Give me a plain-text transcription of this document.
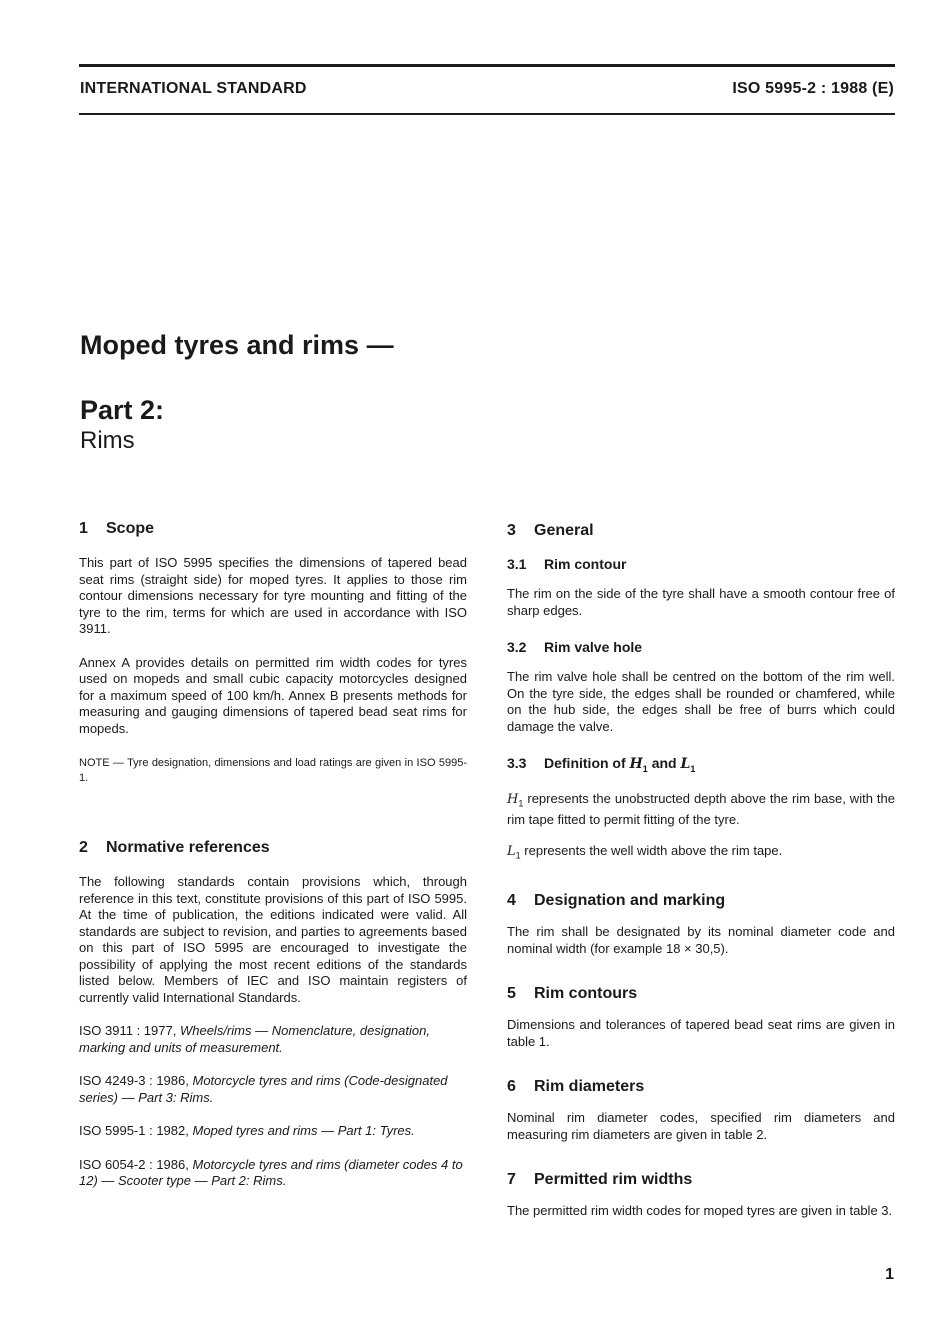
INTERNATIONAL STANDARD	ISO 5995-2 : 1988 (E)
Moped tyres and rims —
Part 2:
Rims
1 Scope

This part of ISO 5995 specifies the dimensions of tapered bead seat rims (straight side) for moped tyres. It applies to those rim contour dimensions necessary for tyre mounting and fitting of the tyre to the rim, terms for which are used in accordance with ISO 3911.

Annex A provides details on permitted rim width codes for tyres used on mopeds and small cubic capacity motorcycles designed for a maximum speed of 100 km/h. Annex B presents methods for measuring and gauging dimensions of tapered bead seat rims for mopeds.

NOTE — Tyre designation, dimensions and load ratings are given in ISO 5995-1.

2 Normative references

The following standards contain provisions which, through reference in this text, constitute provisions of this part of ISO 5995. At the time of publication, the editions indicated were valid. All standards are subject to revision, and parties to agreements based on this part of ISO 5995 are encouraged to investigate the possibility of applying the most recent editions of the standards listed below. Members of IEC and ISO maintain registers of currently valid International Standards.

ISO 3911 : 1977, Wheels/rims — Nomenclature, designation, marking and units of measurement.

ISO 4249-3 : 1986, Motorcycle tyres and rims (Code-designated series) — Part 3: Rims.

ISO 5995-1 : 1982, Moped tyres and rims — Part 1: Tyres.

ISO 6054-2 : 1986, Motorcycle tyres and rims (diameter codes 4 to 12) — Scooter type — Part 2: Rims.

3 General
3.1 Rim contour

The rim on the side of the tyre shall have a smooth contour free of sharp edges.

3.2 Rim valve hole

The rim valve hole shall be centred on the bottom of the rim well. On the tyre side, the edges shall be rounded or chamfered, while on the hub side, the edges shall be free of burrs which could damage the valve.

3.3 Definition of $H_1$ and $L_1$

$H_1$ represents the unobstructed depth above the rim base, with the rim tape fitted to permit fitting of the tyre.

$L_1$ represents the well width above the rim tape.

4 Designation and marking

The rim shall be designated by its nominal diameter code and nominal width (for example 18 × 30,5).

5 Rim contours

Dimensions and tolerances of tapered bead seat rims are given in table 1.

6 Rim diameters

Nominal rim diameter codes, specified rim diameters and measuring rim diameters are given in table 2.

7 Permitted rim widths

The permitted rim width codes for moped tyres are given in table 3.

1
